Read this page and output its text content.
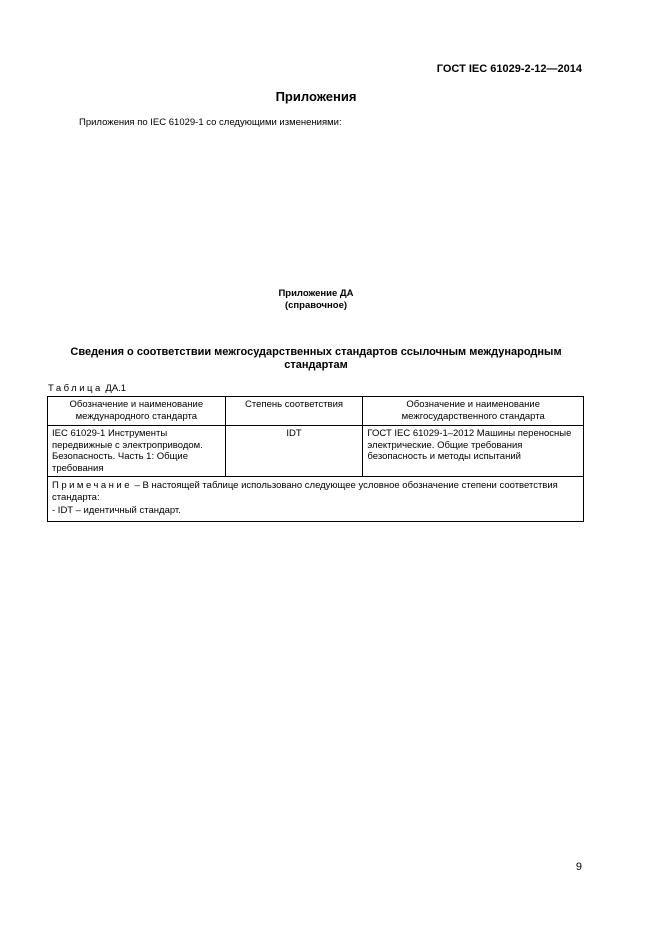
ГОСТ IEC 61029-2-12—2014
Приложения
Приложения по IEC 61029-1 со следующими изменениями:
Приложение ДА
(справочное)
Сведения о соответствии межгосударственных стандартов ссылочным международным
стандартам
Таблица ДА.1
Обозначение и наименование международного стандарта	Степень соответствия	Обозначение и наименование межгосударственного стандарта
IEC 61029-1 Инструменты передвижные с электроприводом. Безопасность. Часть 1: Общие требования	IDT	ГОСТ IEC 61029-1–2012 Машины переносные электрические. Общие требования безопасность и методы испытаний

Примечание – В настоящей таблице использовано следующее условное обозначение степени соответствия стандарта:
- IDT – идентичный стандарт.		
9
